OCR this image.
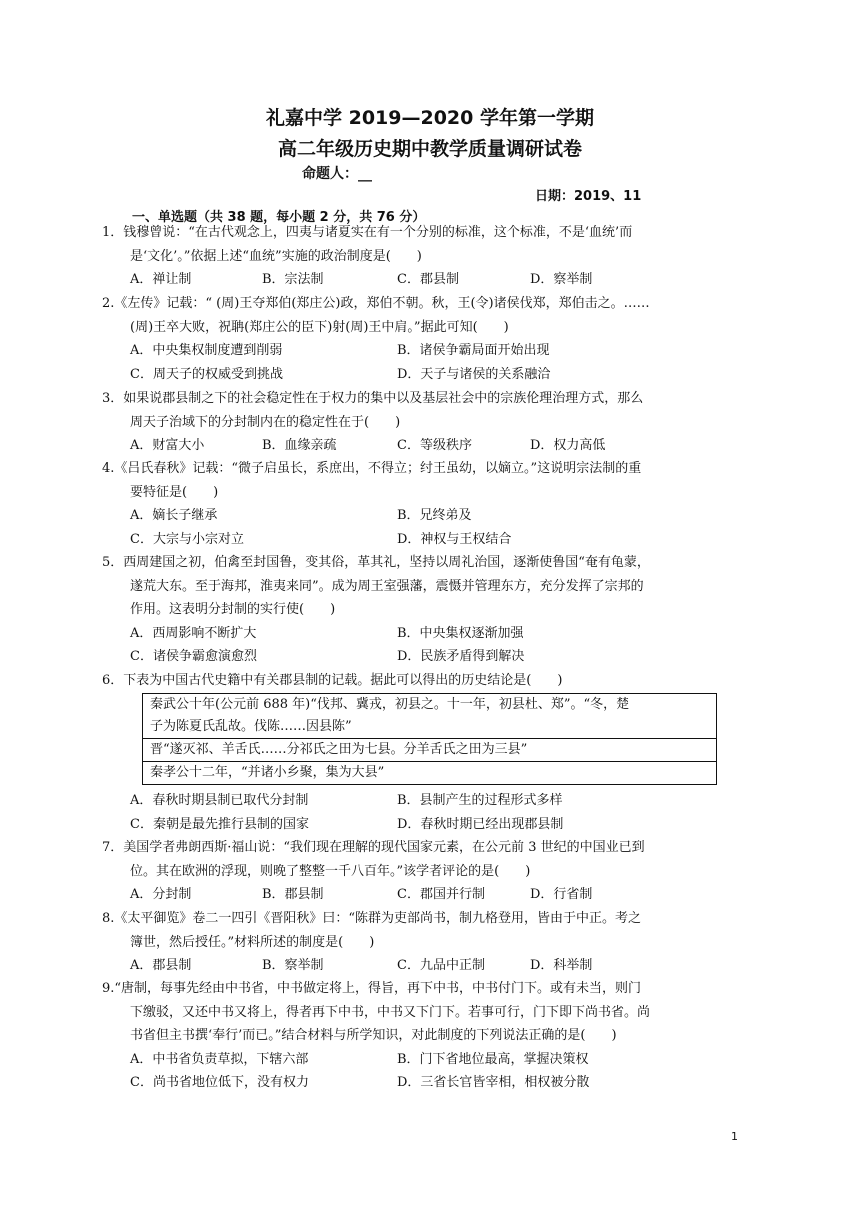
礼嘉中学 2019—2020 学年第一学期
高二年级历史期中教学质量调研试卷
命题人：__
日期：2019、11
一、单选题（共 38 题，每小题 2 分，共 76 分）
1． 钱穆曾说：“在古代观念上，四夷与诸夏实在有一个分别的标准，这个标准，不是‘血统’而
是‘文化’。”依据上述“血统”实施的政治制度是(　　)
A．禅让制	B．宗法制	C．郡县制	D．察举制
2. 《左传》记载：“ (周)王夺郑伯(郑庄公)政，郑伯不朝。秋，王(令)诸侯伐郑，郑伯击之。……
(周)王卒大败，祝聃(郑庄公的臣下)射(周)王中肩。”据此可知(　　)
A．中央集权制度遭到削弱	B．诸侯争霸局面开始出现
C．周天子的权威受到挑战	D．天子与诸侯的关系融洽
3． 如果说郡县制之下的社会稳定性在于权力的集中以及基层社会中的宗族伦理治理方式，那么
周天子治域下的分封制内在的稳定性在于(　　)
A．财富大小	B．血缘亲疏	C．等级秩序	D．权力高低
4. 《吕氏春秋》记载：“微子启虽长，系庶出，不得立；纣王虽幼，以嫡立。”这说明宗法制的重
要特征是(　　)
A．嫡长子继承	B．兄终弟及
C．大宗与小宗对立	D．神权与王权结合
5． 西周建国之初，伯禽至封国鲁，变其俗，革其礼，坚持以周礼治国，逐渐使鲁国“奄有龟蒙，
遂荒大东。至于海邦，淮夷来同”。成为周王室强藩，震慑并管理东方，充分发挥了宗邦的
作用。这表明分封制的实行使(　　)
A．西周影响不断扩大	B．中央集权逐渐加强
C．诸侯争霸愈演愈烈	D．民族矛盾得到解决
6． 下表为中国古代史籍中有关郡县制的记载。据此可以得出的历史结论是(　　)
秦武公十年(公元前 688 年)“伐邦、冀戎，初县之。十一年，初县杜、郑”。“冬，楚
子为陈夏氏乱故。伐陈……因县陈”

晋“遂灭祁、羊舌氏……分祁氏之田为七县。分羊舌氏之田为三县”
秦孝公十二年，“并诸小乡聚，集为大县”
A．春秋时期县制已取代分封制	B．县制产生的过程形式多样
C．秦朝是最先推行县制的国家	D．春秋时期已经出现郡县制
7． 美国学者弗朗西斯·福山说：“我们现在理解的现代国家元素，在公元前 3 世纪的中国业已到
位。其在欧洲的浮现，则晚了整整一千八百年。”该学者评论的是(　　)
A．分封制	B．郡县制	C．郡国并行制	D．行省制
8. 《太平御览》卷二一四引《晋阳秋》曰：“陈群为吏部尚书，制九格登用，皆由于中正。考之
簿世，然后授任。”材料所述的制度是(　　)
A．郡县制	B．察举制	C．九品中正制	D．科举制
9. “唐制，每事先经由中书省，中书做定将上，得旨，再下中书，中书付门下。或有未当，则门
下缴驳，又还中书又将上，得者再下中书，中书又下门下。若事可行，门下即下尚书省。尚
书省但主书撰‘奉行’而已。”结合材料与所学知识，对此制度的下列说法正确的是(　　)
A．中书省负责草拟，下辖六部	B．门下省地位最高，掌握决策权
C．尚书省地位低下，没有权力	D．三省长官皆宰相，相权被分散
1
